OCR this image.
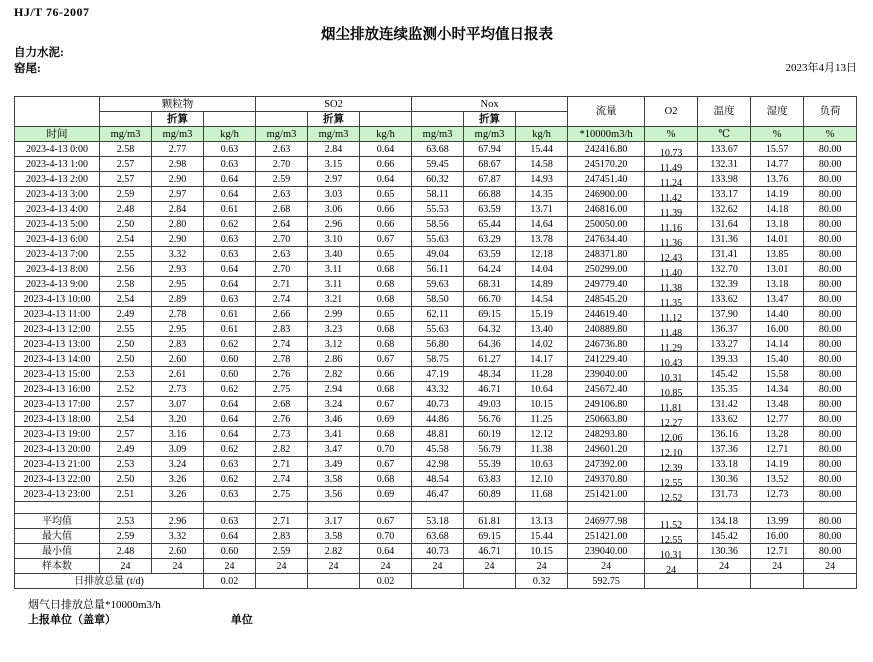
HJ/T 76-2007
烟尘排放连续监测小时平均值日报表
自力水泥:
窑尾:	2023年4月13日
	颗粒物			SO2			Nox			流量	O2	温度	湿度	负荷
		折算			折算			折算						
时间	mg/m3	mg/m3	kg/h	mg/m3	mg/m3	kg/h	mg/m3	mg/m3	kg/h	*10000m3/h	%	℃	%	%
2023-4-13 0:00	2.58	2.77	0.63	2.63	2.84	0.64	63.68	67.94	15.44	242416.80	10.73	133.67	15.57	80.00
2023-4-13 1:00	2.57	2.98	0.63	2.70	3.15	0.66	59.45	68.67	14.58	245170.20	11.49	132.31	14.77	80.00
2023-4-13 2:00	2.57	2.90	0.64	2.59	2.97	0.64	60.32	67.87	14.93	247451.40	11.24	133.98	13.76	80.00
2023-4-13 3:00	2.59	2.97	0.64	2.63	3.03	0.65	58.11	66.88	14.35	246900.00	11.42	133.17	14.19	80.00
2023-4-13 4:00	2.48	2.84	0.61	2.68	3.06	0.66	55.53	63.59	13.71	246816.00	11.39	132.62	14.18	80.00
2023-4-13 5:00	2.50	2.80	0.62	2.64	2.96	0.66	58.56	65.44	14.64	250050.00	11.16	131.64	13.18	80.00
2023-4-13 6:00	2.54	2.90	0.63	2.70	3.10	0.67	55.63	63.29	13.78	247634.40	11.36	131.36	14.01	80.00
2023-4-13 7:00	2.55	3.32	0.63	2.63	3.40	0.65	49.04	63.59	12.18	248371.80	12.43	131.41	13.85	80.00
2023-4-13 8:00	2.56	2.93	0.64	2.70	3.11	0.68	56.11	64.24	14.04	250299.00	11.40	132.70	13.01	80.00
2023-4-13 9:00	2.58	2.95	0.64	2.71	3.11	0.68	59.63	68.31	14.89	249779.40	11.38	132.39	13.18	80.00
2023-4-13 10:00	2.54	2.89	0.63	2.74	3.21	0.68	58.50	66.70	14.54	248545.20	11.35	133.62	13.47	80.00
2023-4-13 11:00	2.49	2.78	0.61	2.66	2.99	0.65	62.11	69.15	15.19	244619.40	11.12	137.90	14.40	80.00
2023-4-13 12:00	2.55	2.95	0.61	2.83	3.23	0.68	55.63	64.32	13.40	240889.80	11.48	136.37	16.00	80.00
2023-4-13 13:00	2.50	2.83	0.62	2.74	3.12	0.68	56.80	64.36	14.02	246736.80	11.29	133.27	14.14	80.00
2023-4-13 14:00	2.50	2.60	0.60	2.78	2.86	0.67	58.75	61.27	14.17	241229.40	10.43	139.33	15.40	80.00
2023-4-13 15:00	2.53	2.61	0.60	2.76	2.82	0.66	47.19	48.34	11.28	239040.00	10.31	145.42	15.58	80.00
2023-4-13 16:00	2.52	2.73	0.62	2.75	2.94	0.68	43.32	46.71	10.64	245672.40	10.85	135.35	14.34	80.00
2023-4-13 17:00	2.57	3.07	0.64	2.68	3.24	0.67	40.73	49.03	10.15	249106.80	11.81	131.42	13.48	80.00
2023-4-13 18:00	2.54	3.20	0.64	2.76	3.46	0.69	44.86	56.76	11.25	250663.80	12.27	133.62	12.77	80.00
2023-4-13 19:00	2.57	3.16	0.64	2.73	3.41	0.68	48.81	60.19	12.12	248293.80	12.06	136.16	13.28	80.00
2023-4-13 20:00	2.49	3.09	0.62	2.82	3.47	0.70	45.58	56.79	11.38	249601.20	12.10	137.36	12.71	80.00
2023-4-13 21:00	2.53	3.24	0.63	2.71	3.49	0.67	42.98	55.39	10.63	247392.00	12.39	133.18	14.19	80.00
2023-4-13 22:00	2.50	3.26	0.62	2.74	3.58	0.68	48.54	63.83	12.10	249370.80	12.55	130.36	13.52	80.00
2023-4-13 23:00	2.51	3.26	0.63	2.75	3.56	0.69	46.47	60.89	11.68	251421.00	12.52	131.73	12.73	80.00

平均值	2.53	2.96	0.63	2.71	3.17	0.67	53.18	61.81	13.13	246977.98	11.52	134.18	13.99	80.00
最大值	2.59	3.32	0.64	2.83	3.58	0.70	63.68	69.15	15.44	251421.00	12.55	145.42	16.00	80.00
最小值	2.48	2.60	0.60	2.59	2.82	0.64	40.73	46.71	10.15	239040.00	10.31	130.36	12.71	80.00
样本数	24	24	24	24	24	24	24	24	24	24	24	24	24	24
日排放总量 (t/d)			0.02			0.02			0.32	592.75				
烟气日排放总量*10000m3/h
上报单位（盖章）	单位
